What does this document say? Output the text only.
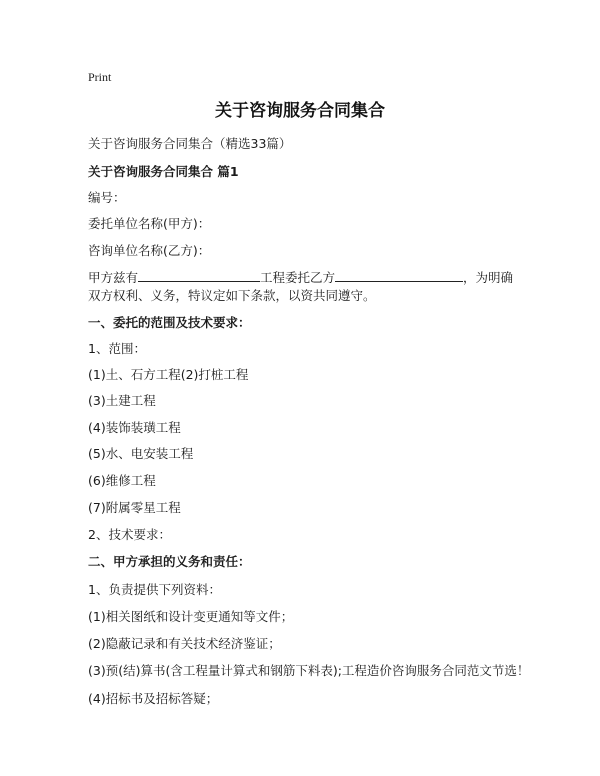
Print
关于咨询服务合同集合
关于咨询服务合同集合（精选33篇）
关于咨询服务合同集合 篇1
编号：
委托单位名称(甲方)：
咨询单位名称(乙方)：
甲方兹有	工程委托乙方	，为明确
双方权利、义务，特议定如下条款，以资共同遵守。
一、委托的范围及技术要求：
1、范围：
(1)土、石方工程(2)打桩工程
(3)土建工程
(4)装饰装璜工程
(5)水、电安装工程
(6)维修工程
(7)附属零星工程
2、技术要求：
二、甲方承担的义务和责任：
1、负责提供下列资料：
(1)相关图纸和设计变更通知等文件；
(2)隐蔽记录和有关技术经济鉴证；
(3)预(结)算书(含工程量计算式和钢筋下料表);工程造价咨询服务合同范文节选！
(4)招标书及招标答疑；
